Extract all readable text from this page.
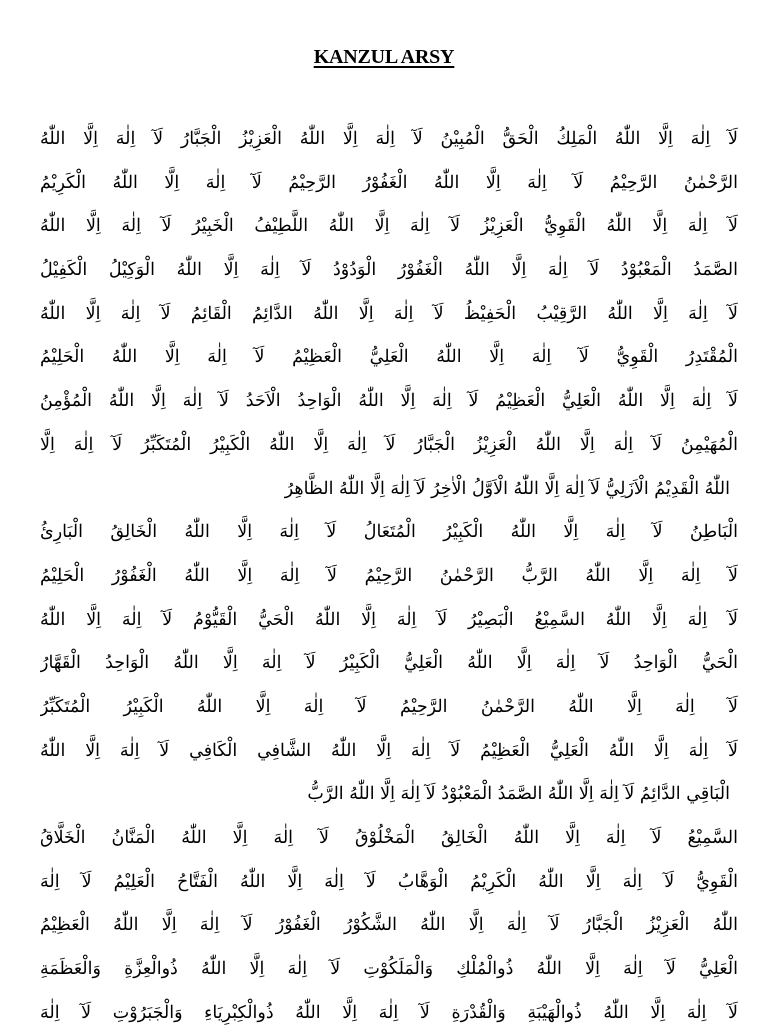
KANZUL ARSY
لَآ اِلٰهَ اِلَّا اللّٰهُ الْمَلِكُ الْحَقُّ الْمُبِيْنُ لَآ اِلٰهَ اِلَّا اللّٰهُ الْعَزِيْزُ الْجَبَّارُ لَآ اِلٰهَ اِلَّا اللّٰهُ
الرَّحْمٰنُ الرَّحِيْمُ لَآ اِلٰهَ اِلَّا اللّٰهُ الْغَفُوْرُ الرَّحِيْمُ لَآ اِلٰهَ اِلَّا اللّٰهُ الْكَرِيْمُ
لَآ اِلٰهَ اِلَّا اللّٰهُ الْقَوِيُّ الْعَزِيْزُ لَآ اِلٰهَ اِلَّا اللّٰهُ اللَّطِيْفُ الْخَبِيْرُ لَآ اِلٰهَ اِلَّا اللّٰهُ
الصَّمَدُ الْمَعْبُوْدُ لَآ اِلٰهَ اِلَّا اللّٰهُ الْغَفُوْرُ الْوَدُوْدُ لَآ اِلٰهَ اِلَّا اللّٰهُ الْوَكِيْلُ الْكَفِيْلُ
لَآ اِلٰهَ اِلَّا اللّٰهُ الرَّقِيْبُ الْحَفِيْظُ لَآ اِلٰهَ اِلَّا اللّٰهُ الدَّائِمُ الْقَائِمُ لَآ اِلٰهَ اِلَّا اللّٰهُ
الْمُقْتَدِرُ الْقَوِيُّ لَآ اِلٰهَ اِلَّا اللّٰهُ الْعَلِيُّ الْعَظِيْمُ لَآ اِلٰهَ اِلَّا اللّٰهُ الْحَلِيْمُ
لَآ اِلٰهَ اِلَّا اللّٰهُ الْعَلِيُّ الْعَظِيْمُ لَآ اِلٰهَ اِلَّا اللّٰهُ الْوَاحِدُ الْاَحَدُ لَآ اِلٰهَ اِلَّا اللّٰهُ الْمُؤْمِنُ
الْمُهَيْمِنُ لَآ اِلٰهَ اِلَّا اللّٰهُ الْعَزِيْزُ الْجَبَّارُ لَآ اِلٰهَ اِلَّا اللّٰهُ الْكَبِيْرُ الْمُتَكَبِّرُ لَآ اِلٰهَ اِلَّا
اللّٰهُ الْقَدِيْمُ الْاَزَلِيُّ لَآ اِلٰهَ اِلَّا اللّٰهُ الْاَوَّلُ الْاٰخِرُ لَآ اِلٰهَ اِلَّا اللّٰهُ الظَّاهِرُ
الْبَاطِنُ لَآ اِلٰهَ اِلَّا اللّٰهُ الْكَبِيْرُ الْمُتَعَالُ لَآ اِلٰهَ اِلَّا اللّٰهُ الْخَالِقُ الْبَارِئُ
لَآ اِلٰهَ اِلَّا اللّٰهُ الرَّبُّ الرَّحْمٰنُ الرَّحِيْمُ لَآ اِلٰهَ اِلَّا اللّٰهُ الْغَفُوْرُ الْحَلِيْمُ
لَآ اِلٰهَ اِلَّا اللّٰهُ السَّمِيْعُ الْبَصِيْرُ لَآ اِلٰهَ اِلَّا اللّٰهُ الْحَيُّ الْقَيُّوْمُ لَآ اِلٰهَ اِلَّا اللّٰهُ
الْحَيُّ الْوَاحِدُ لَآ اِلٰهَ اِلَّا اللّٰهُ الْعَلِيُّ الْكَبِيْرُ لَآ اِلٰهَ اِلَّا اللّٰهُ الْوَاحِدُ الْقَهَّارُ
لَآ اِلٰهَ اِلَّا اللّٰهُ الرَّحْمٰنُ الرَّحِيْمُ لَآ اِلٰهَ اِلَّا اللّٰهُ الْكَبِيْرُ الْمُتَكَبِّرُ
لَآ اِلٰهَ اِلَّا اللّٰهُ الْعَلِيُّ الْعَظِيْمُ لَآ اِلٰهَ اِلَّا اللّٰهُ الشَّافِي الْكَافِي لَآ اِلٰهَ اِلَّا اللّٰهُ
الْبَاقِي الدَّائِمُ لَآ اِلٰهَ اِلَّا اللّٰهُ الصَّمَدُ الْمَعْبُوْدُ لَآ اِلٰهَ اِلَّا اللّٰهُ الرَّبُّ
السَّمِيْعُ لَآ اِلٰهَ اِلَّا اللّٰهُ الْخَالِقُ الْمَخْلُوْقُ لَآ اِلٰهَ اِلَّا اللّٰهُ الْمَنَّانُ الْخَلَّاقُ
الْقَوِيُّ لَآ اِلٰهَ اِلَّا اللّٰهُ الْكَرِيْمُ الْوَهَّابُ لَآ اِلٰهَ اِلَّا اللّٰهُ الْفَتَّاحُ الْعَلِيْمُ لَآ اِلٰهَ
اللّٰهُ الْعَزِيْزُ الْجَبَّارُ لَآ اِلٰهَ اِلَّا اللّٰهُ الشَّكُوْرُ الْغَفُوْرُ لَآ اِلٰهَ اِلَّا اللّٰهُ الْعَظِيْمُ
الْعَلِيُّ لَآ اِلٰهَ اِلَّا اللّٰهُ ذُوالْمُلْكِ وَالْمَلَكُوْتِ لَآ اِلٰهَ اِلَّا اللّٰهُ ذُوالْعِزَّةِ وَالْعَظَمَةِ
لَآ اِلٰهَ اِلَّا اللّٰهُ ذُوالْهَيْبَةِ وَالْقُدْرَةِ لَآ اِلٰهَ اِلَّا اللّٰهُ ذُوالْكِبْرِيَاءِ وَالْجَبَرُوْتِ لَآ اِلٰهَ
